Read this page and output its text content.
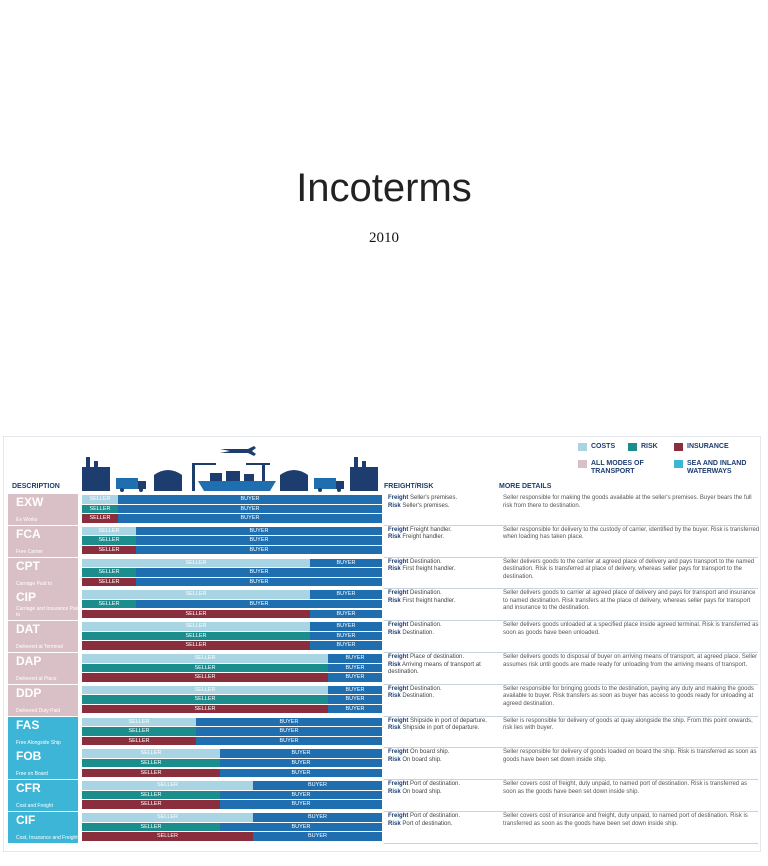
Incoterms
2010
COSTS	RISK	INSURANCE
ALL MODES OF TRANSPORT
SEA AND INLAND WATERWAYS
DESCRIPTION	FREIGHT/RISK	MORE DETAILS
EXW
Ex Works
SELLER	BUYER
SELLER	BUYER
SELLER	BUYER
Freight Seller's premises.
Risk Seller's premises.
Seller responsible for making the goods available at the seller's premises. Buyer bears the full risk from there to destination.
FCA
Free Carrier
SELLER	BUYER
SELLER	BUYER
SELLER	BUYER
Freight Freight handler.
Risk Freight handler.
Seller responsible for delivery to the custody of carrier, identified by the buyer. Risk is transferred when loading has taken place.
CPT
Carriage Paid to
SELLER	BUYER
SELLER	BUYER
SELLER	BUYER
Freight Destination.
Risk First freight handler.
Seller delivers goods to the carrier at agreed place of delivery and pays transport to the named destination. Risk is transferred at place of delivery, whereas seller pays for transport to the destination.
CIP
Carriage and Insurance Paid to
SELLER	BUYER
SELLER	BUYER
SELLER	BUYER
Freight Destination.
Risk First freight handler.
Seller delivers goods to carrier at agreed place of delivery and pays for transport and insurance to named destination. Risk transfers at the place of delivery, whereas seller pays for transport and insurance to the destination.
DAT
Delivered at Terminal
SELLER	BUYER
SELLER	BUYER
SELLER	BUYER
Freight Destination.
Risk Destination.
Seller delivers goods unloaded at a specified place inside agreed terminal. Risk is transferred as soon as goods have been unloaded.
DAP
Delivered at Place
SELLER	BUYER
SELLER	BUYER
SELLER	BUYER
Freight Place of destination.
Risk Arriving means of transport at destination.
Seller delivers goods to disposal of buyer on arriving means of transport, at agreed place. Seller assumes risk until goods are made ready for unloading from the arriving means of transport.
DDP
Delivered Duty Paid
SELLER	BUYER
SELLER	BUYER
SELLER	BUYER
Freight Destination.
Risk Destination.
Seller responsible for bringing goods to the destination, paying any duty and making the goods available to buyer. Risk transfers as soon as buyer has access to goods ready for unloading at agreed destination.
FAS
Free Alongside Ship
SELLER	BUYER
SELLER	BUYER
SELLER	BUYER
Freight Shipside in port of departure.
Risk Shipside in port of departure.
Seller is responsible for delivery of goods at quay alongside the ship. From this point onwards, risk lies with buyer.
FOB
Free on Board
SELLER	BUYER
SELLER	BUYER
SELLER	BUYER
Freight On board ship.
Risk On board ship.
Seller responsible for delivery of goods loaded on board the ship. Risk is transferred as soon as goods have been set down inside ship.
CFR
Cost and Freight
SELLER	BUYER
SELLER	BUYER
SELLER	BUYER
Freight Port of destination.
Risk On board ship.
Seller covers cost of freight, duty unpaid, to named port of destination. Risk is transferred as soon as the goods have been set down inside ship.
CIF
Cost, Insurance and Freight
SELLER	BUYER
SELLER	BUYER
SELLER	BUYER
Freight Port of destination.
Risk Port of destination.
Seller covers cost of insurance and freight, duty unpaid, to named port of destination. Risk is transferred as soon as the goods have been set down inside ship.
